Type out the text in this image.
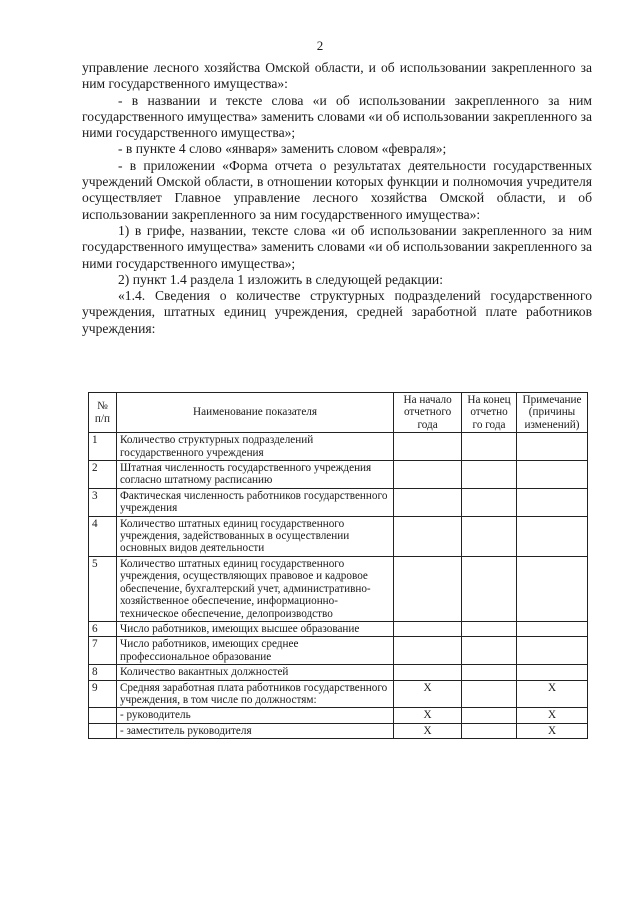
2

управление лесного хозяйства Омской области, и об использовании закрепленного за ним государственного имущества»:

- в названии и тексте слова «и об использовании закрепленного за ним государственного имущества» заменить словами «и об использовании закрепленного за ними государственного имущества»;

- в пункте 4 слово «января» заменить словом «февраля»;

- в приложении «Форма отчета о результатах деятельности государственных учреждений Омской области, в отношении которых функции и полномочия учредителя осуществляет Главное управление лесного хозяйства Омской области, и об использовании закрепленного за ним государственного имущества»:

1) в грифе, названии, тексте слова «и об использовании закрепленного за ним государственного имущества» заменить словами «и об использовании закрепленного за ними государственного имущества»;

2) пункт 1.4 раздела 1 изложить в следующей редакции:

«1.4. Сведения о количестве структурных подразделений государственного учреждения, штатных единиц учреждения, средней заработной плате работников учреждения:

№ п/п	Наименование показателя	На начало отчетного года	На конец отчетно го года	Примечание (причины изменений)
1	Количество структурных подразделений государственного учреждения			
2	Штатная численность государственного учреждения согласно штатному расписанию			
3	Фактическая численность работников государственного учреждения			
4	Количество штатных единиц государственного учреждения, задействованных в осуществлении основных видов деятельности			
5	Количество штатных единиц государственного учреждения, осуществляющих правовое и кадровое обеспечение, бухгалтерский учет, административно-хозяйственное обеспечение, информационно-техническое обеспечение, делопроизводство			
6	Число работников, имеющих высшее образование			
7	Число работников, имеющих среднее профессиональное образование			
8	Количество вакантных должностей			
9	Средняя заработная плата работников государственного учреждения, в том числе по должностям:	X		X
	- руководитель	X		X
	- заместитель руководителя	X		X
